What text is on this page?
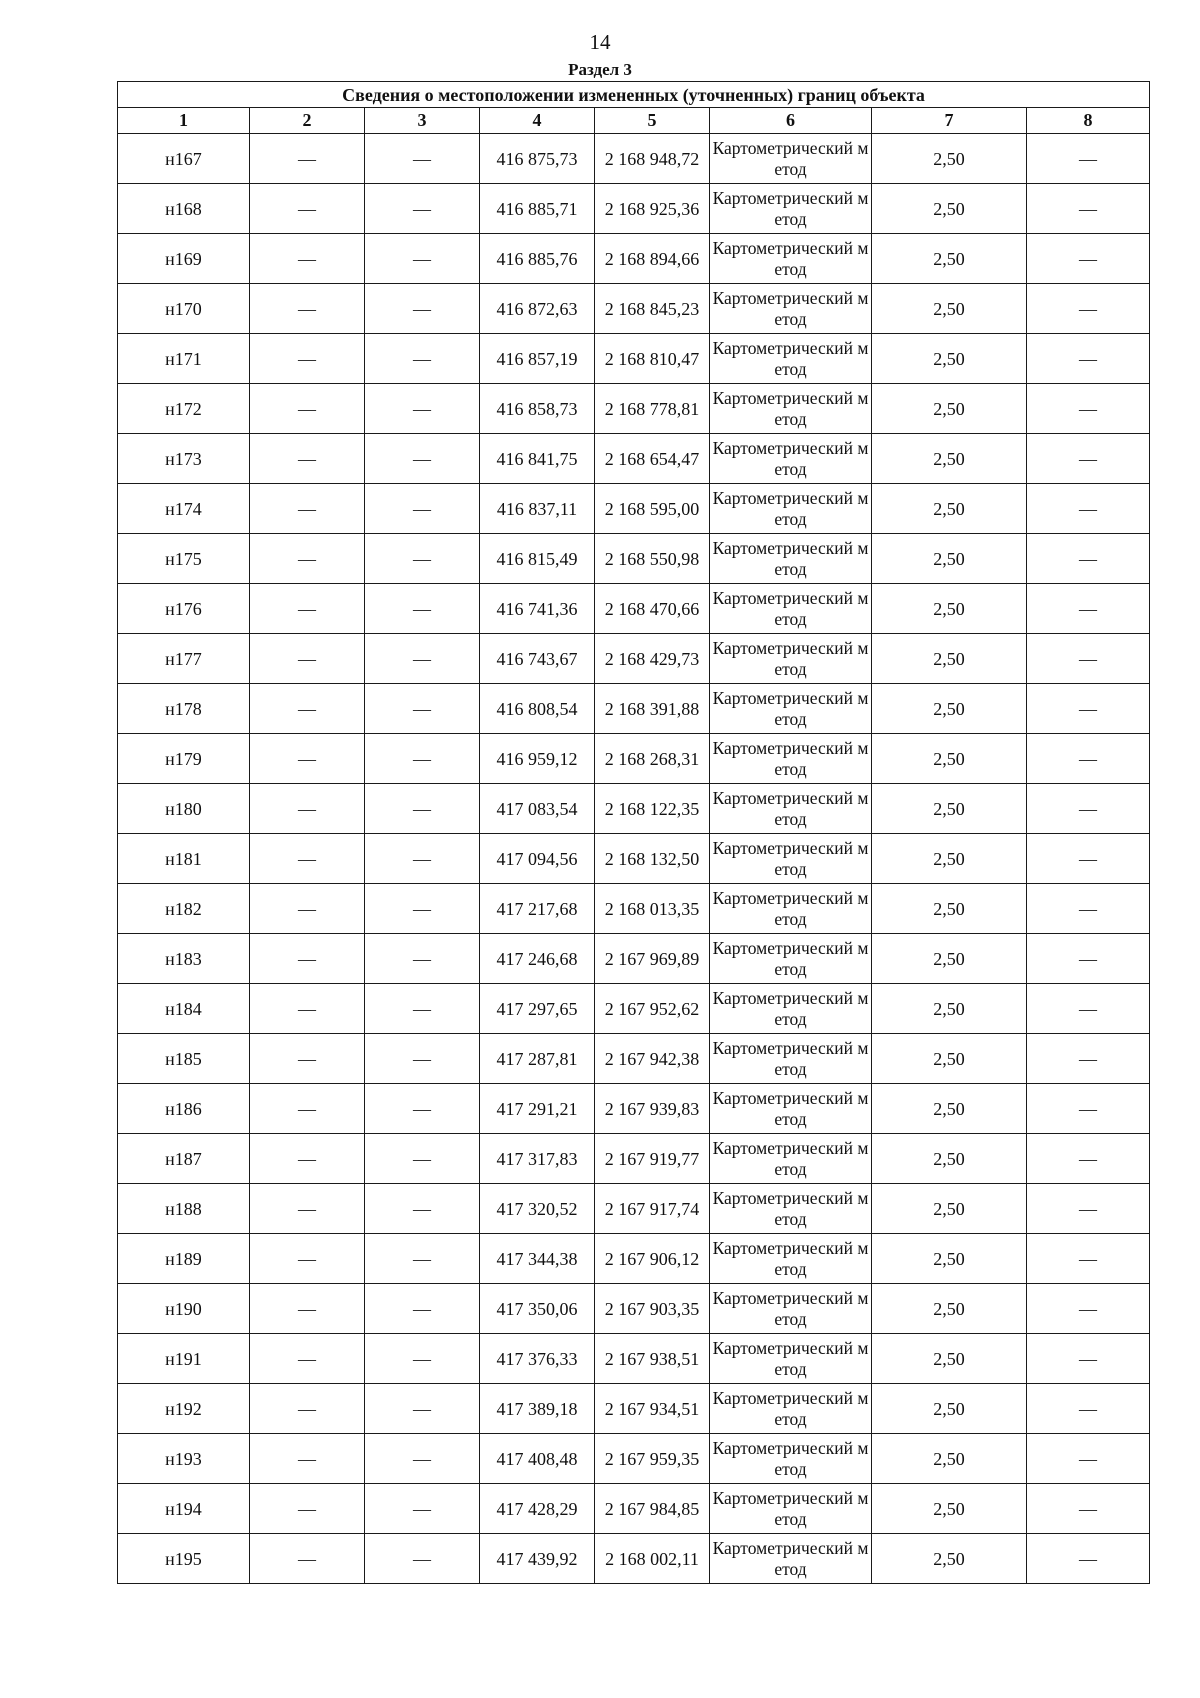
14
Раздел 3
Сведения о местоположении измененных (уточненных) границ объекта							
1	2	3	4	5	6	7	8
н167	—	—	416 875,73	2 168 948,72	Картометрический метод	2,50	—
н168	—	—	416 885,71	2 168 925,36	Картометрический метод	2,50	—
н169	—	—	416 885,76	2 168 894,66	Картометрический метод	2,50	—
н170	—	—	416 872,63	2 168 845,23	Картометрический метод	2,50	—
н171	—	—	416 857,19	2 168 810,47	Картометрический метод	2,50	—
н172	—	—	416 858,73	2 168 778,81	Картометрический метод	2,50	—
н173	—	—	416 841,75	2 168 654,47	Картометрический метод	2,50	—
н174	—	—	416 837,11	2 168 595,00	Картометрический метод	2,50	—
н175	—	—	416 815,49	2 168 550,98	Картометрический метод	2,50	—
н176	—	—	416 741,36	2 168 470,66	Картометрический метод	2,50	—
н177	—	—	416 743,67	2 168 429,73	Картометрический метод	2,50	—
н178	—	—	416 808,54	2 168 391,88	Картометрический метод	2,50	—
н179	—	—	416 959,12	2 168 268,31	Картометрический метод	2,50	—
н180	—	—	417 083,54	2 168 122,35	Картометрический метод	2,50	—
н181	—	—	417 094,56	2 168 132,50	Картометрический метод	2,50	—
н182	—	—	417 217,68	2 168 013,35	Картометрический метод	2,50	—
н183	—	—	417 246,68	2 167 969,89	Картометрический метод	2,50	—
н184	—	—	417 297,65	2 167 952,62	Картометрический метод	2,50	—
н185	—	—	417 287,81	2 167 942,38	Картометрический метод	2,50	—
н186	—	—	417 291,21	2 167 939,83	Картометрический метод	2,50	—
н187	—	—	417 317,83	2 167 919,77	Картометрический метод	2,50	—
н188	—	—	417 320,52	2 167 917,74	Картометрический метод	2,50	—
н189	—	—	417 344,38	2 167 906,12	Картометрический метод	2,50	—
н190	—	—	417 350,06	2 167 903,35	Картометрический метод	2,50	—
н191	—	—	417 376,33	2 167 938,51	Картометрический метод	2,50	—
н192	—	—	417 389,18	2 167 934,51	Картометрический метод	2,50	—
н193	—	—	417 408,48	2 167 959,35	Картометрический метод	2,50	—
н194	—	—	417 428,29	2 167 984,85	Картометрический метод	2,50	—
н195	—	—	417 439,92	2 168 002,11	Картометрический метод	2,50	—
